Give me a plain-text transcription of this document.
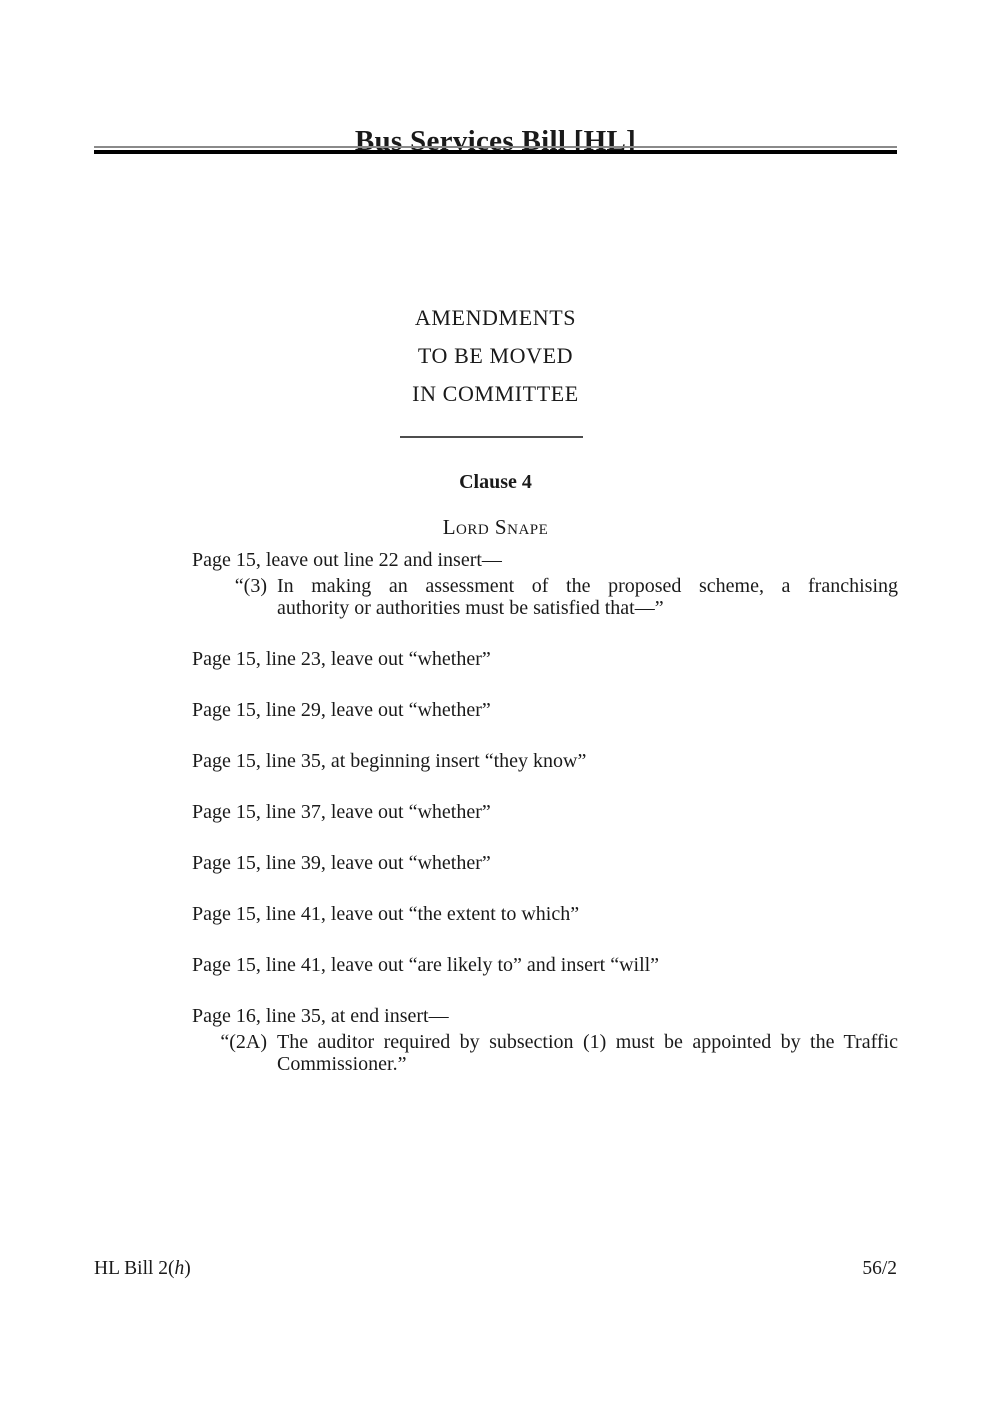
Bus Services Bill [HL]
AMENDMENTS
TO BE MOVED
IN COMMITTEE
Clause 4
Lord Snape
Page 15, leave out line 22 and insert—
“(3) In making an assessment of the proposed scheme, a franchising
authority or authorities must be satisfied that—”
Page 15, line 23, leave out “whether”
Page 15, line 29, leave out “whether”
Page 15, line 35, at beginning insert “they know”
Page 15, line 37, leave out “whether”
Page 15, line 39, leave out “whether”
Page 15, line 41, leave out “the extent to which”
Page 15, line 41, leave out “are likely to” and insert “will”
Page 16, line 35, at end insert—
“(2A) The auditor required by subsection (1) must be appointed by the Traffic
Commissioner.”
HL Bill 2(h)	56/2
